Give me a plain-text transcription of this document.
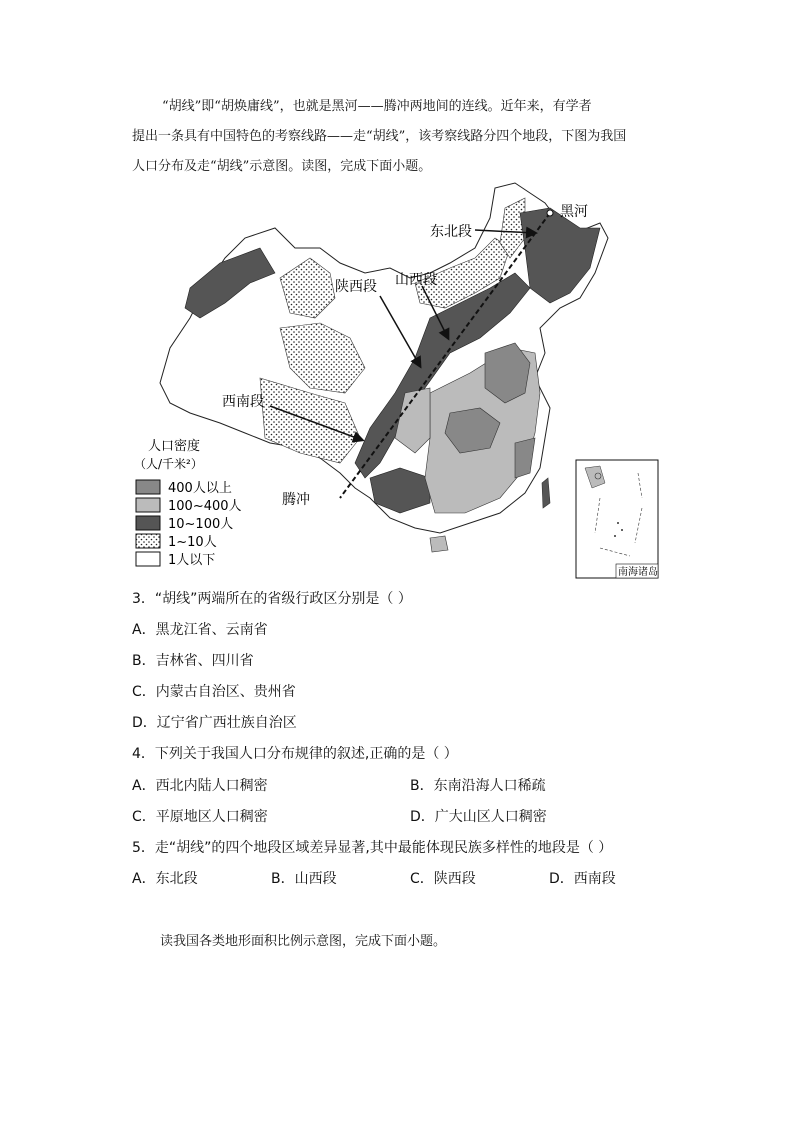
“胡线”即“胡焕庸线”，也就是黑河——腾冲两地间的连线。近年来，有学者

提出一条具有中国特色的考察线路——走“胡线”，该考察线路分四个地段，下图为我国

人口分布及走“胡线”示意图。读图，完成下面小题。

黑河
腾冲
东北段
山西段
陕西段
西南段
人口密度
（人/千米²）
400人以上
100~400人
10~100人
1~10人
1人以下
南海诸岛
3．“胡线”两端所在的省级行政区分别是（ ）
A．黑龙江省、云南省
B．吉林省、四川省
C．内蒙古自治区、贵州省
D．辽宁省广西壮族自治区
4．下列关于我国人口分布规律的叙述,正确的是（ ）
A．西北内陆人口稠密	B．东南沿海人口稀疏
C．平原地区人口稠密	D．广大山区人口稠密
5．走“胡线”的四个地段区域差异显著,其中最能体现民族多样性的地段是（ ）
A．东北段	B．山西段	C．陕西段	D．西南段
读我国各类地形面积比例示意图，完成下面小题。
